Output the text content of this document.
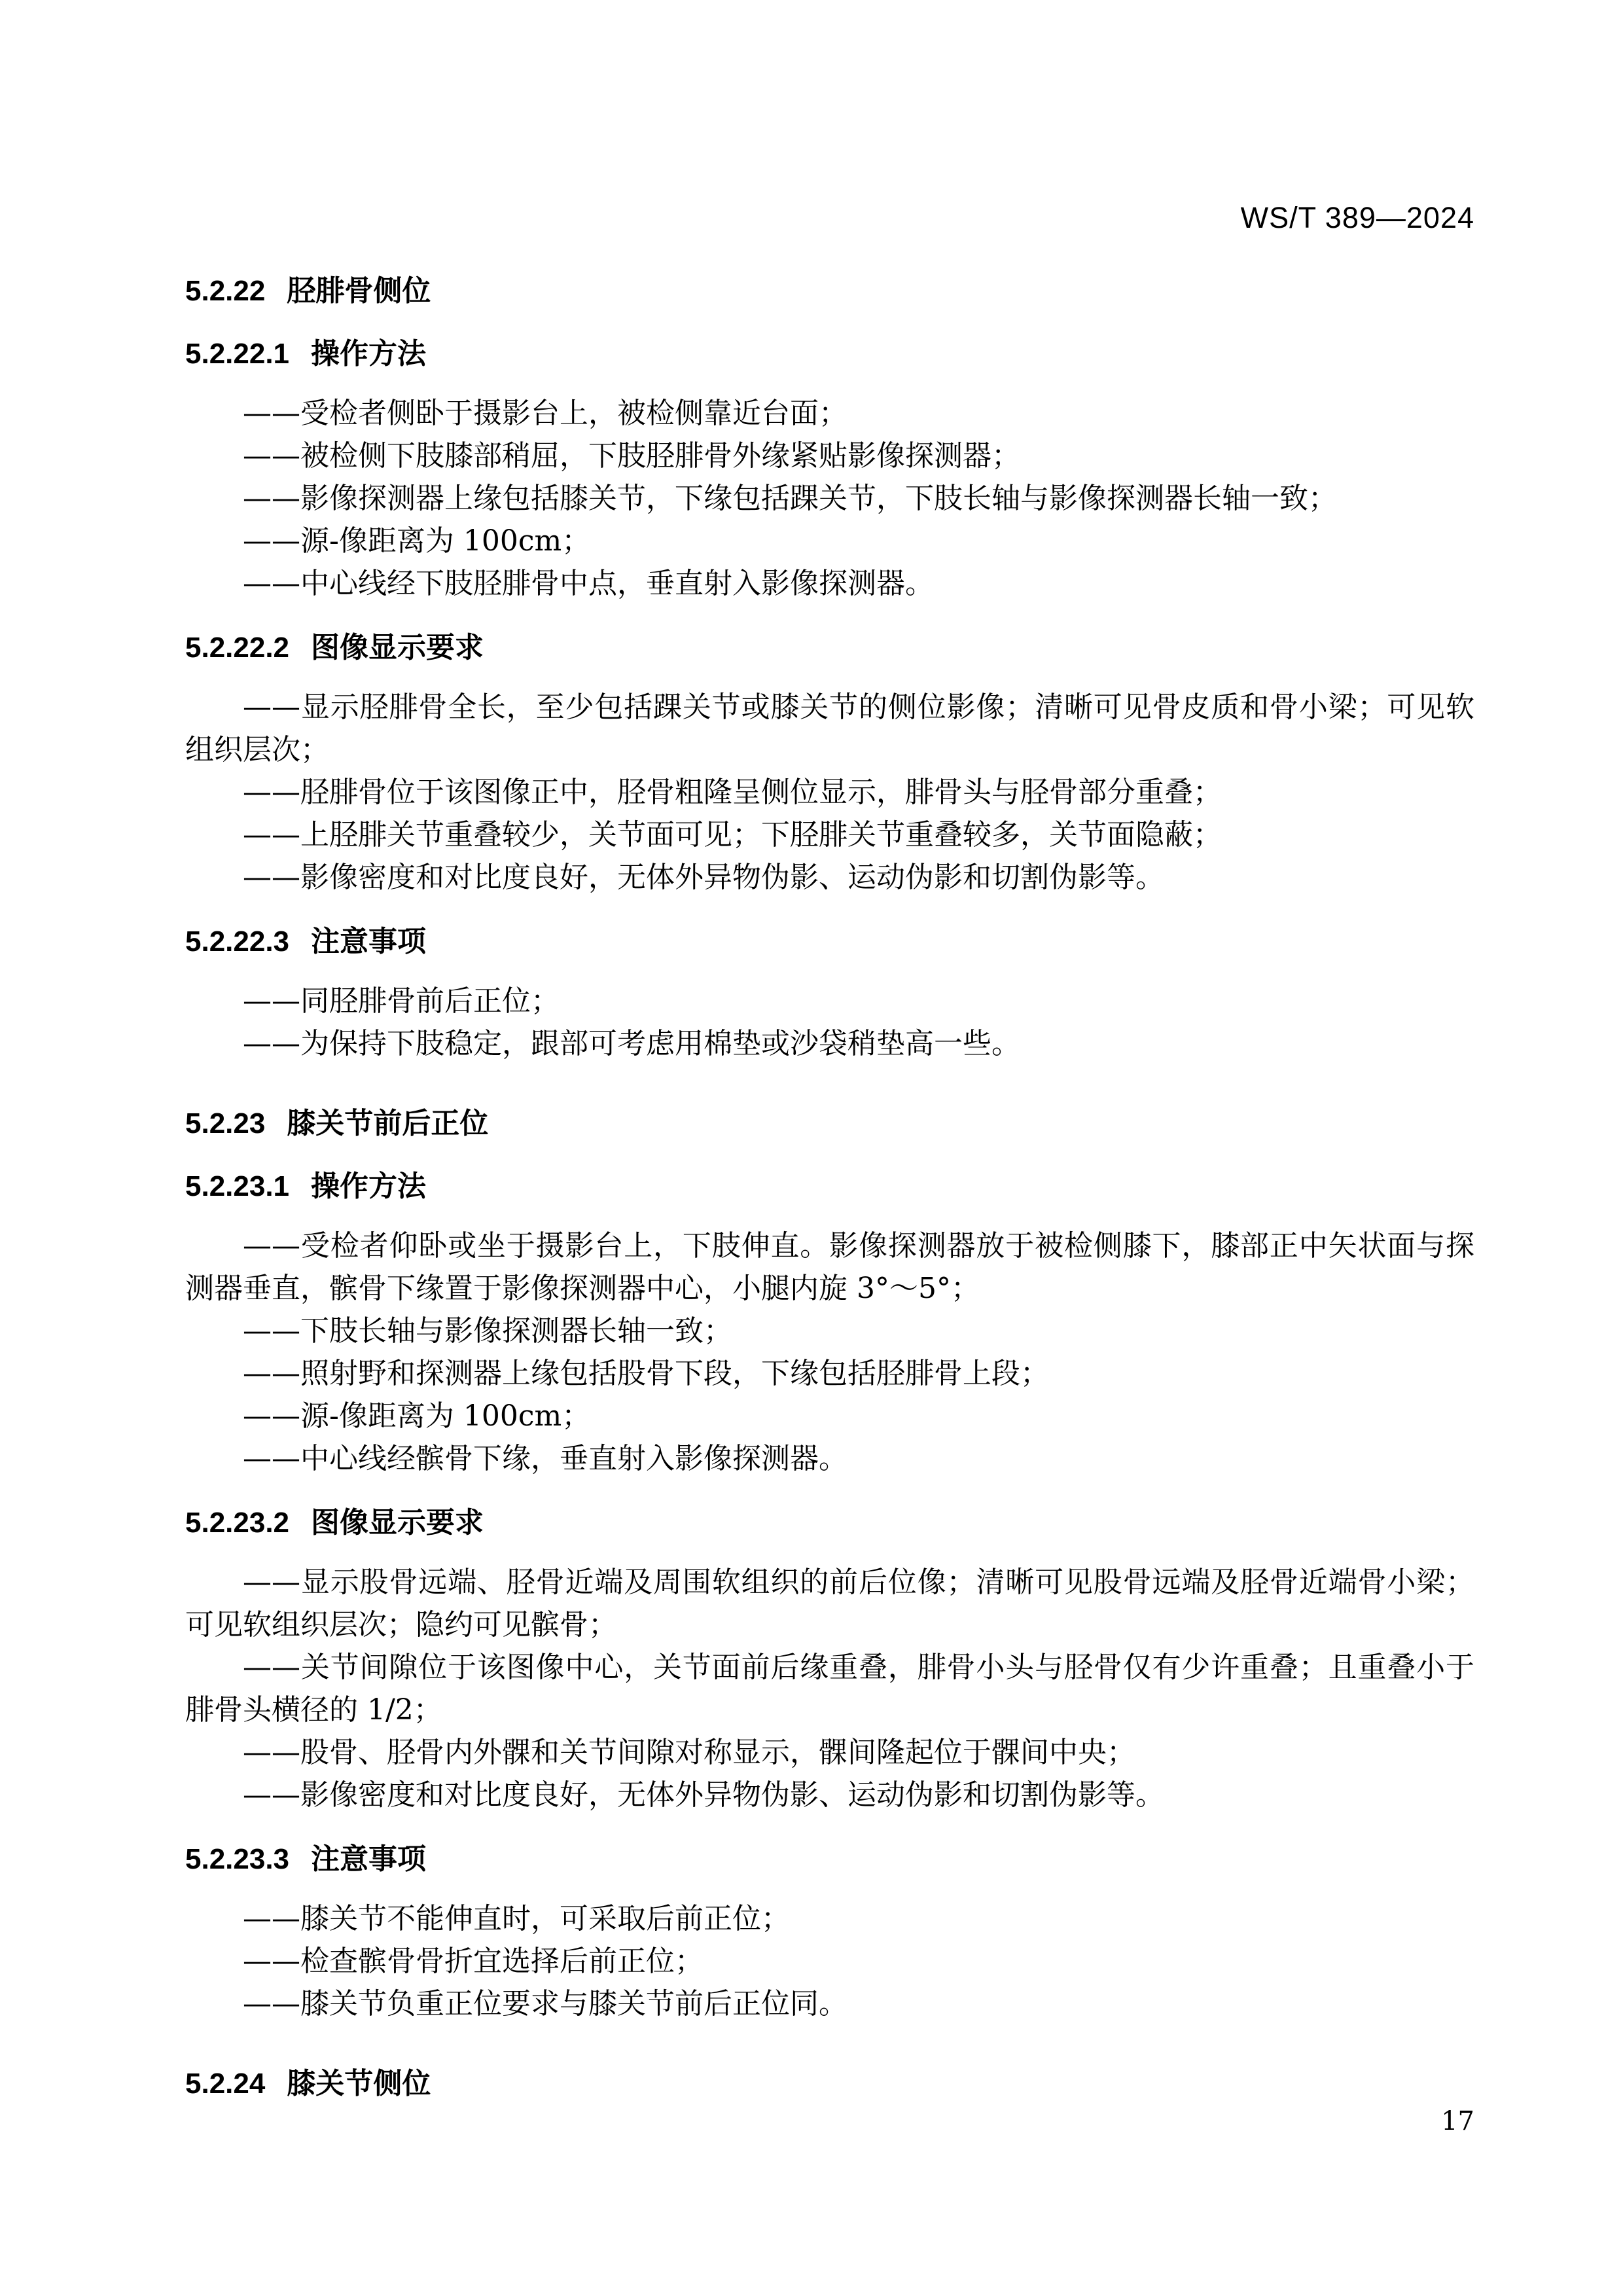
WS/T 389—2024
5.2.22 胫腓骨侧位
5.2.22.1 操作方法

——受检者侧卧于摄影台上，被检侧靠近台面；

——被检侧下肢膝部稍屈，下肢胫腓骨外缘紧贴影像探测器；

——影像探测器上缘包括膝关节，下缘包括踝关节，下肢长轴与影像探测器长轴一致；

——源-像距离为 100cm；

——中心线经下肢胫腓骨中点，垂直射入影像探测器。

5.2.22.2 图像显示要求

——显示胫腓骨全长，至少包括踝关节或膝关节的侧位影像；清晰可见骨皮质和骨小梁；可见软组织层次；

——胫腓骨位于该图像正中，胫骨粗隆呈侧位显示，腓骨头与胫骨部分重叠；

——上胫腓关节重叠较少，关节面可见；下胫腓关节重叠较多，关节面隐蔽；

——影像密度和对比度良好，无体外异物伪影、运动伪影和切割伪影等。

5.2.22.3 注意事项

——同胫腓骨前后正位；

——为保持下肢稳定，跟部可考虑用棉垫或沙袋稍垫高一些。

5.2.23 膝关节前后正位
5.2.23.1 操作方法

——受检者仰卧或坐于摄影台上，下肢伸直。影像探测器放于被检侧膝下，膝部正中矢状面与探测器垂直，髌骨下缘置于影像探测器中心，小腿内旋 3°～5°；

——下肢长轴与影像探测器长轴一致；

——照射野和探测器上缘包括股骨下段，下缘包括胫腓骨上段；

——源-像距离为 100cm；

——中心线经髌骨下缘，垂直射入影像探测器。

5.2.23.2 图像显示要求

——显示股骨远端、胫骨近端及周围软组织的前后位像；清晰可见股骨远端及胫骨近端骨小梁；可见软组织层次；隐约可见髌骨；

——关节间隙位于该图像中心，关节面前后缘重叠，腓骨小头与胫骨仅有少许重叠；且重叠小于腓骨头横径的 1/2；

——股骨、胫骨内外髁和关节间隙对称显示，髁间隆起位于髁间中央；

——影像密度和对比度良好，无体外异物伪影、运动伪影和切割伪影等。

5.2.23.3 注意事项

——膝关节不能伸直时，可采取后前正位；

——检查髌骨骨折宜选择后前正位；

——膝关节负重正位要求与膝关节前后正位同。

5.2.24 膝关节侧位
17
